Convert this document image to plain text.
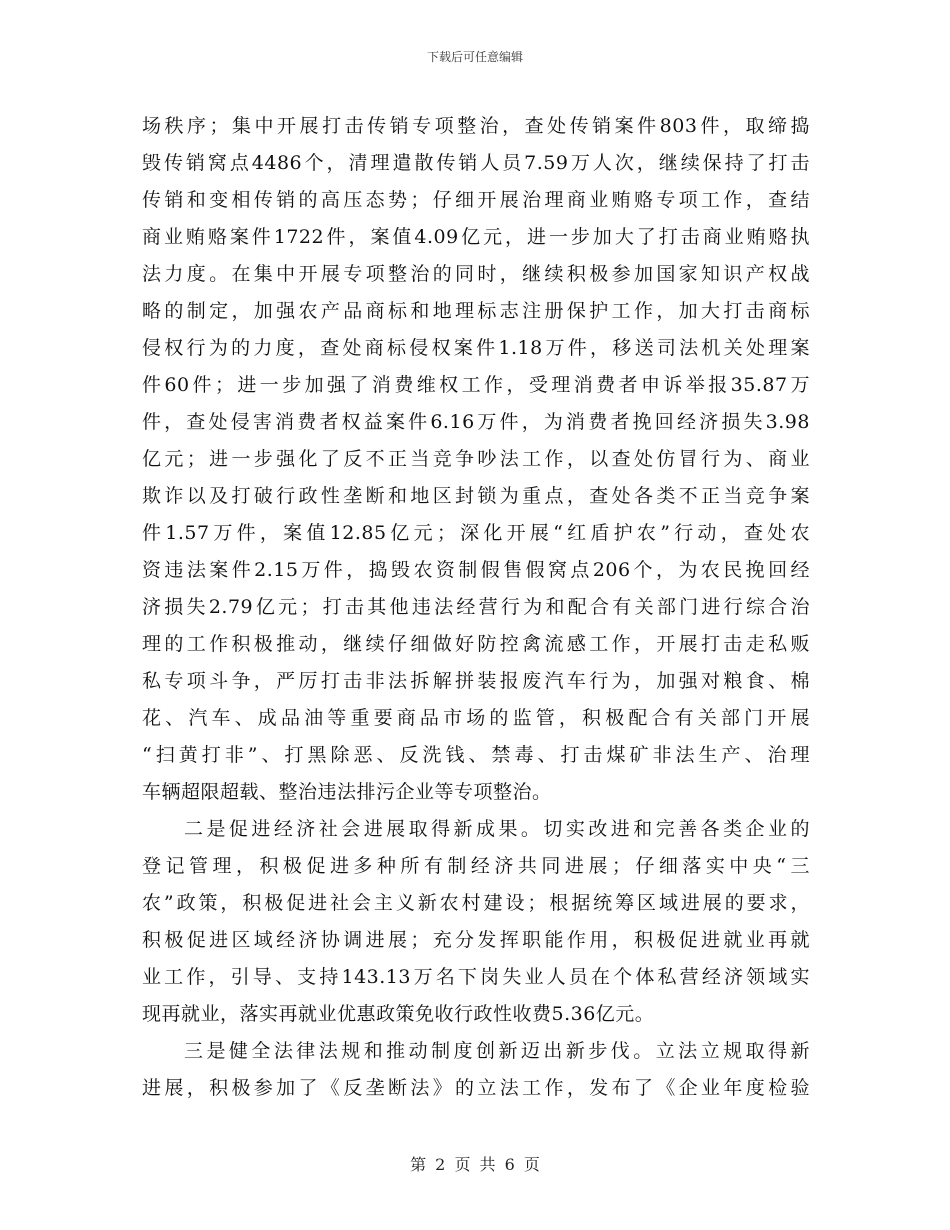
下载后可任意编辑
场秩序；集中开展打击传销专项整治，查处传销案件803件，取缔捣
毁传销窝点4486个，清理遣散传销人员7.59万人次，继续保持了打击
传销和变相传销的高压态势；仔细开展治理商业贿赂专项工作，查结
商业贿赂案件1722件，案值4.09亿元，进一步加大了打击商业贿赂执
法力度。在集中开展专项整治的同时，继续积极参加国家知识产权战
略的制定，加强农产品商标和地理标志注册保护工作，加大打击商标
侵权行为的力度，查处商标侵权案件1.18万件，移送司法机关处理案
件60件；进一步加强了消费维权工作，受理消费者申诉举报35.87万
件，查处侵害消费者权益案件6.16万件，为消费者挽回经济损失3.98
亿元；进一步强化了反不正当竞争吵法工作，以查处仿冒行为、商业
欺诈以及打破行政性垄断和地区封锁为重点，查处各类不正当竞争案
件1.57万件，案值12.85亿元；深化开展“红盾护农”行动，查处农
资违法案件2.15万件，捣毁农资制假售假窝点206个，为农民挽回经
济损失2.79亿元；打击其他违法经营行为和配合有关部门进行综合治
理的工作积极推动，继续仔细做好防控禽流感工作，开展打击走私贩
私专项斗争，严厉打击非法拆解拼装报废汽车行为，加强对粮食、棉
花、汽车、成品油等重要商品市场的监管，积极配合有关部门开展
“扫黄打非”、打黑除恶、反洗钱、禁毒、打击煤矿非法生产、治理
车辆超限超载、整治违法排污企业等专项整治。
二是促进经济社会进展取得新成果。切实改进和完善各类企业的
登记管理，积极促进多种所有制经济共同进展；仔细落实中央“三
农”政策，积极促进社会主义新农村建设；根据统筹区域进展的要求，
积极促进区域经济协调进展；充分发挥职能作用，积极促进就业再就
业工作，引导、支持143.13万名下岗失业人员在个体私营经济领域实
现再就业，落实再就业优惠政策免收行政性收费5.36亿元。
三是健全法律法规和推动制度创新迈出新步伐。立法立规取得新
进展，积极参加了《反垄断法》的立法工作，发布了《企业年度检验
第 2 页 共 6 页
